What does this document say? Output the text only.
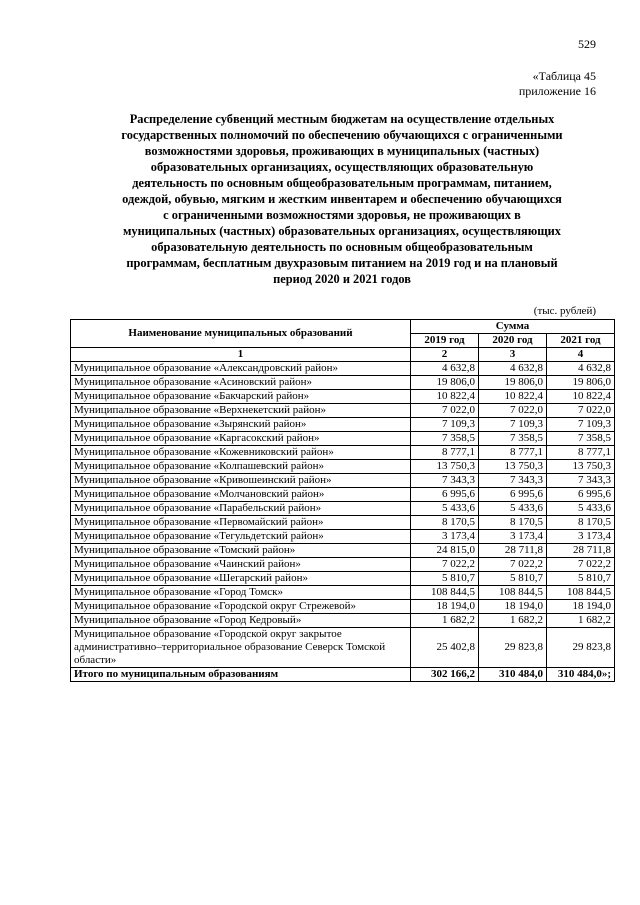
529
«Таблица 45
приложение 16
Распределение субвенций местным бюджетам на осуществление отдельных
государственных полномочий по обеспечению обучающихся с ограниченными
возможностями здоровья, проживающих в муниципальных (частных)
образовательных организациях, осуществляющих образовательную
деятельность по основным общеобразовательным программам, питанием,
одеждой, обувью, мягким и жестким инвентарем и обеспечению обучающихся
с ограниченными возможностями здоровья, не проживающих в
муниципальных (частных) образовательных организациях, осуществляющих
образовательную деятельность по основным общеобразовательным
программам, бесплатным двухразовым питанием на 2019 год и на плановый
период 2020 и 2021 годов
(тыс. рублей)
Наименование муниципальных образований	Сумма		
	2019 год	2020 год	2021 год
1	2	3	4
Муниципальное образование «Александровский район»	4 632,8	4 632,8	4 632,8
Муниципальное образование «Асиновский район»	19 806,0	19 806,0	19 806,0
Муниципальное образование «Бакчарский район»	10 822,4	10 822,4	10 822,4
Муниципальное образование «Верхнекетский район»	7 022,0	7 022,0	7 022,0
Муниципальное образование «Зырянский район»	7 109,3	7 109,3	7 109,3
Муниципальное образование «Каргасокский район»	7 358,5	7 358,5	7 358,5
Муниципальное образование «Кожевниковский район»	8 777,1	8 777,1	8 777,1
Муниципальное образование «Колпашевский район»	13 750,3	13 750,3	13 750,3
Муниципальное образование «Кривошеинский район»	7 343,3	7 343,3	7 343,3
Муниципальное образование «Молчановский район»	6 995,6	6 995,6	6 995,6
Муниципальное образование «Парабельский район»	5 433,6	5 433,6	5 433,6
Муниципальное образование «Первомайский район»	8 170,5	8 170,5	8 170,5
Муниципальное образование «Тегульдетский район»	3 173,4	3 173,4	3 173,4
Муниципальное образование «Томский район»	24 815,0	28 711,8	28 711,8
Муниципальное образование «Чаинский район»	7 022,2	7 022,2	7 022,2
Муниципальное образование «Шегарский район»	5 810,7	5 810,7	5 810,7
Муниципальное образование «Город Томск»	108 844,5	108 844,5	108 844,5
Муниципальное образование «Городской округ Стрежевой»	18 194,0	18 194,0	18 194,0
Муниципальное образование «Город Кедровый»	1 682,2	1 682,2	1 682,2
Муниципальное образование «Городской округ закрытое административно–территориальное образование Северск Томской области»	25 402,8	29 823,8	29 823,8
Итого по муниципальным образованиям	302 166,2	310 484,0	310 484,0»;
